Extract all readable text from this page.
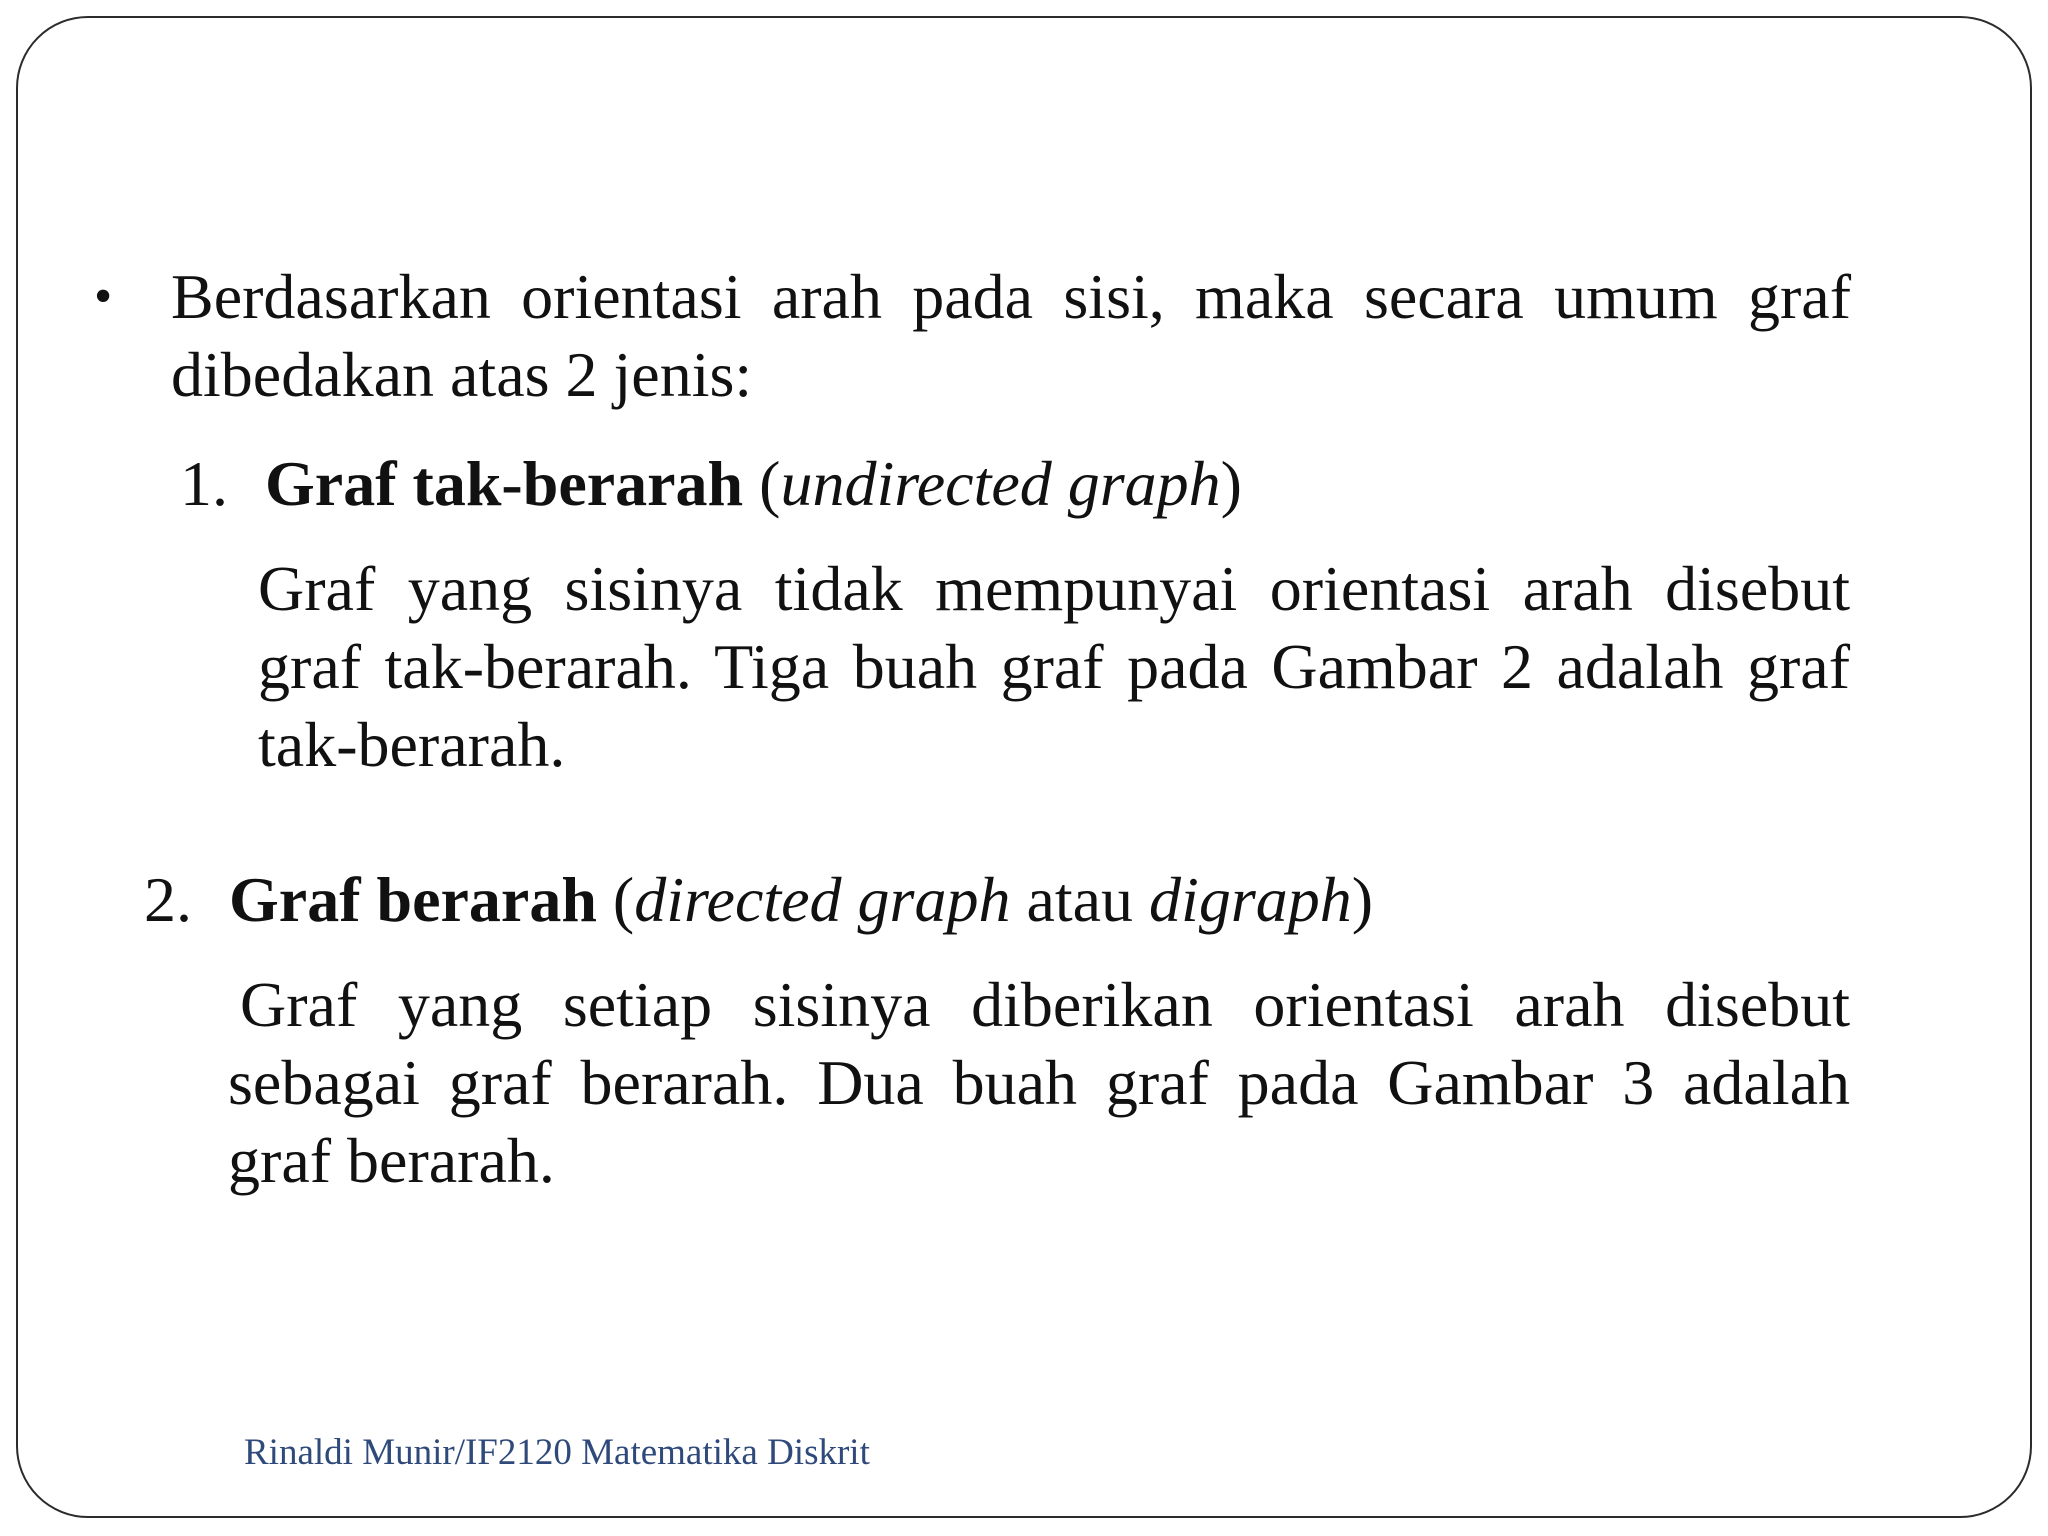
• Berdasarkan orientasi arah pada sisi, maka secara umum graf dibedakan atas 2 jenis:
1. Graf tak-berarah (undirected graph)
Graf yang sisinya tidak mempunyai orientasi arah disebut graf tak-berarah. Tiga buah graf pada Gambar 2 adalah graf tak-berarah.
2. Graf berarah (directed graph atau digraph)
Graf yang setiap sisinya diberikan orientasi arah disebut sebagai graf berarah. Dua buah graf pada Gambar 3 adalah graf berarah.
Rinaldi Munir/IF2120 Matematika Diskrit
